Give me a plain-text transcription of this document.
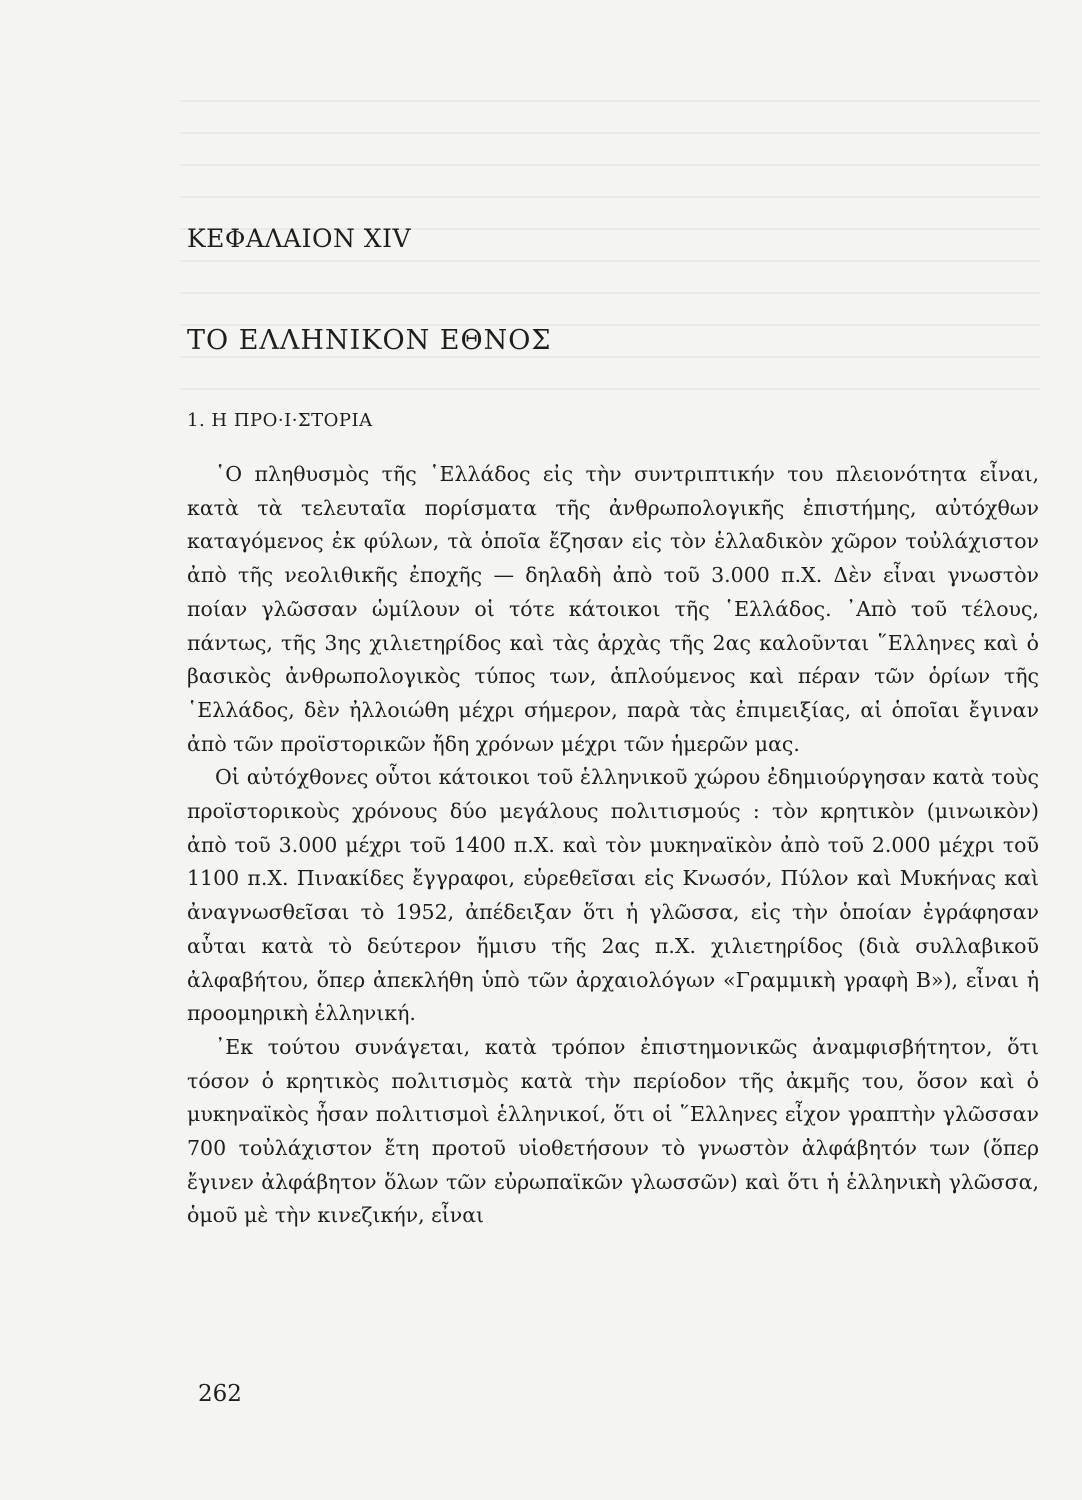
ΚΕΦΑΛΑΙΟΝ XIV
ΤΟ ΕΛΛΗΝΙΚΟΝ ΕΘΝΟΣ
1. Η ΠΡΟ·Ι·ΣΤΟΡΙΑ

῾Ο πληθυσμὸς τῆς ῾Ελλάδος εἰς τὴν συντριπτικήν του πλειονότητα εἶναι, κατὰ τὰ τελευταῖα πορίσματα τῆς ἀνθρωπολογικῆς ἐπιστήμης, αὐτόχθων καταγόμενος ἐκ φύλων, τὰ ὁποῖα ἔζησαν εἰς τὸν ἑλλαδικὸν χῶρον τοὐλάχιστον ἀπὸ τῆς νεολιθικῆς ἐποχῆς — δηλαδὴ ἀπὸ τοῦ 3.000 π.Χ. Δὲν εἶναι γνωστὸν ποίαν γλῶσσαν ὡμίλουν οἱ τότε κάτοικοι τῆς ῾Ελλάδος. ᾿Απὸ τοῦ τέλους, πάντως, τῆς 3ης χιλιετηρίδος καὶ τὰς ἀρχὰς τῆς 2ας καλοῦνται ῞Ελληνες καὶ ὁ βασικὸς ἀνθρωπολογικὸς τύπος των, ἁπλούμενος καὶ πέραν τῶν ὁρίων τῆς ῾Ελλάδος, δὲν ἠλλοιώθη μέχρι σήμερον, παρὰ τὰς ἐπιμειξίας, αἱ ὁποῖαι ἔγιναν ἀπὸ τῶν προϊστορικῶν ἤδη χρόνων μέχρι τῶν ἡμερῶν μας.

Οἱ αὐτόχθονες οὗτοι κάτοικοι τοῦ ἑλληνικοῦ χώρου ἐδημιούργησαν κατὰ τοὺς προϊστορικοὺς χρόνους δύο μεγάλους πολιτισμούς : τὸν κρητικὸν (μινωικὸν) ἀπὸ τοῦ 3.000 μέχρι τοῦ 1400 π.Χ. καὶ τὸν μυκηναϊκὸν ἀπὸ τοῦ 2.000 μέχρι τοῦ 1100 π.Χ. Πινακίδες ἔγγραφοι, εὑρεθεῖσαι εἰς Κνωσόν, Πύλον καὶ Μυκήνας καὶ ἀναγνωσθεῖσαι τὸ 1952, ἀπέδειξαν ὅτι ἡ γλῶσσα, εἰς τὴν ὁποίαν ἐγράφησαν αὗται κατὰ τὸ δεύτερον ἥμισυ τῆς 2ας π.Χ. χιλιετηρίδος (διὰ συλλαβικοῦ ἀλφαβήτου, ὅπερ ἀπεκλήθη ὑπὸ τῶν ἀρχαιολόγων «Γραμμικὴ γραφὴ Β»), εἶναι ἡ προομηρικὴ ἑλληνική.

᾿Εκ τούτου συνάγεται, κατὰ τρόπον ἐπιστημονικῶς ἀναμφισβήτητον, ὅτι τόσον ὁ κρητικὸς πολιτισμὸς κατὰ τὴν περίοδον τῆς ἀκμῆς του, ὅσον καὶ ὁ μυκηναϊκὸς ἦσαν πολιτισμοὶ ἑλληνικοί, ὅτι οἱ ῞Ελληνες εἶχον γραπτὴν γλῶσσαν 700 τοὐλάχιστον ἔτη προτοῦ υἱοθετήσουν τὸ γνωστὸν ἀλφάβητόν των (ὅπερ ἔγινεν ἀλφάβητον ὅλων τῶν εὐρωπαϊκῶν γλωσσῶν) καὶ ὅτι ἡ ἑλληνικὴ γλῶσσα, ὁμοῦ μὲ τὴν κινεζικήν, εἶναι

262
